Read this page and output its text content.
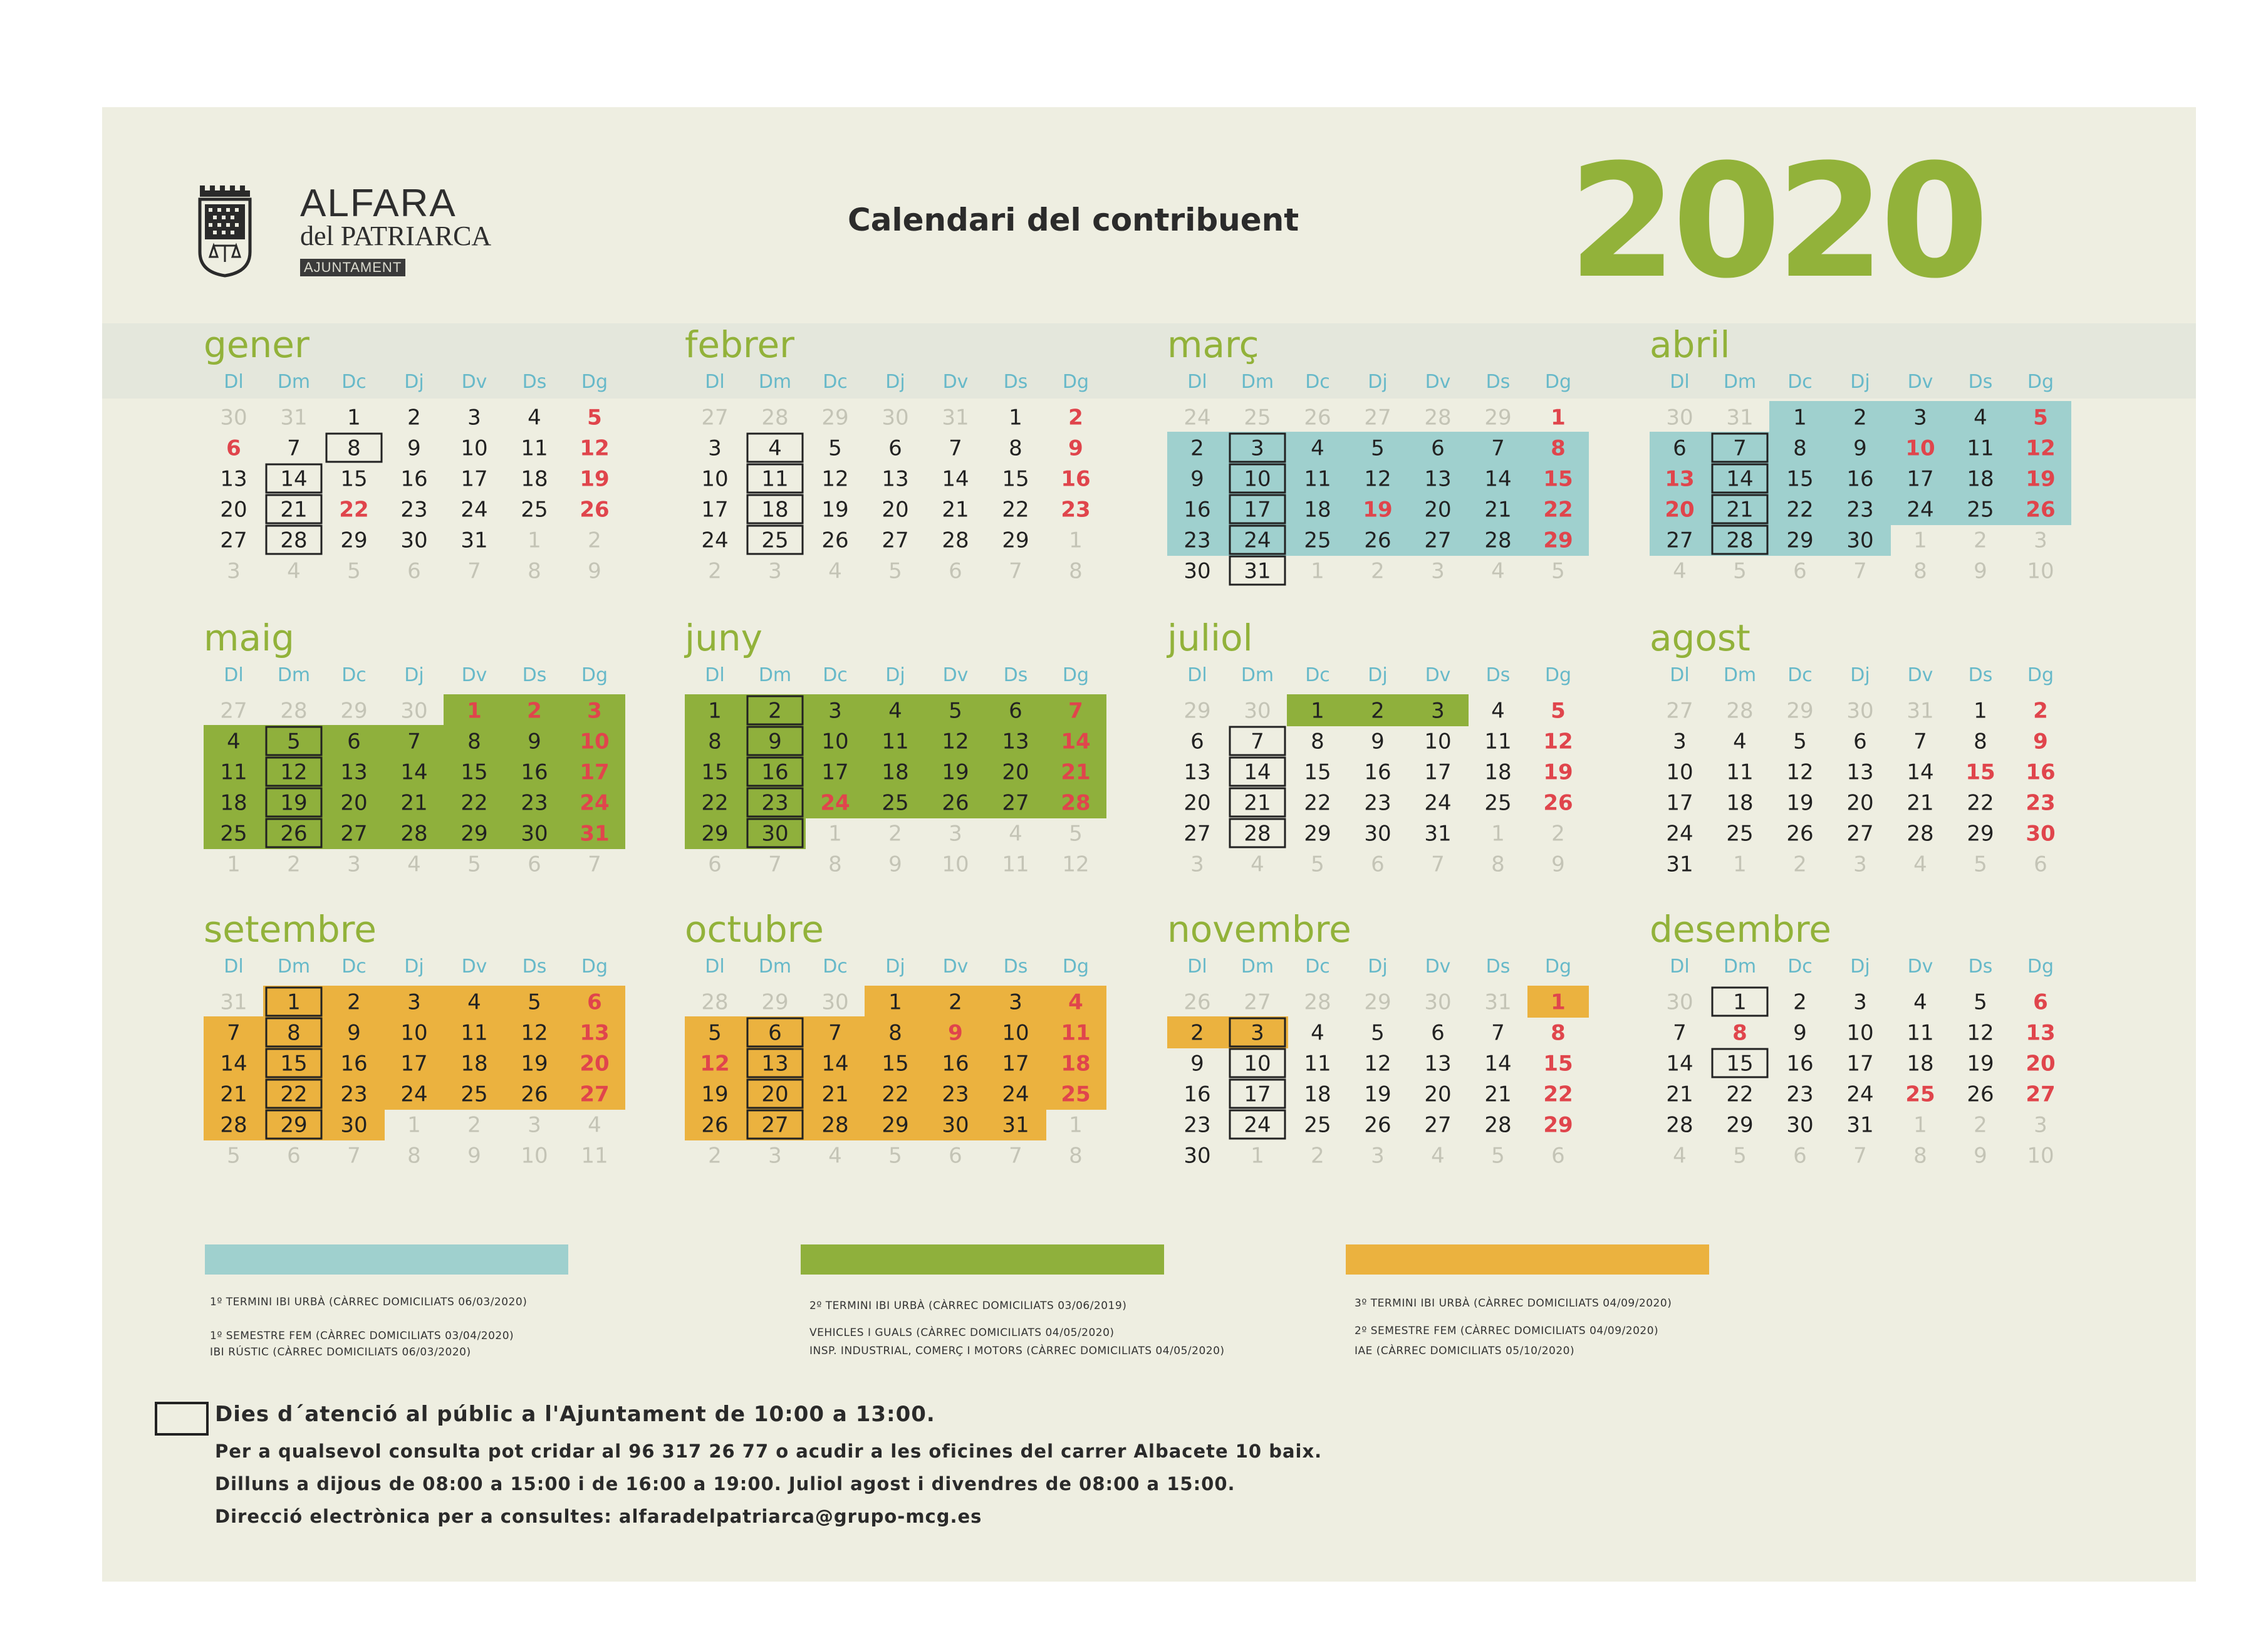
ALFARA
del PATRIARCA
AJUNTAMENT
Calendari del contribuent 2020
gener
Dl Dm Dc Dj Dv Ds Dg
30 31 1 2 3 4 5
6 7 8 9 10 11 12
13 14 15 16 17 18 19
20 21 22 23 24 25 26
27 28 29 30 31 1 2
3 4 5 6 7 8 9
febrer
Dl Dm Dc Dj Dv Ds Dg
27 28 29 30 31 1 2
3 4 5 6 7 8 9
10 11 12 13 14 15 16
17 18 19 20 21 22 23
24 25 26 27 28 29 1
2 3 4 5 6 7 8
març
Dl Dm Dc Dj Dv Ds Dg
24 25 26 27 28 29 1
2 3 4 5 6 7 8
9 10 11 12 13 14 15
16 17 18 19 20 21 22
23 24 25 26 27 28 29
30 31 1 2 3 4 5
abril
Dl Dm Dc Dj Dv Ds Dg
30 31 1 2 3 4 5
6 7 8 9 10 11 12
13 14 15 16 17 18 19
20 21 22 23 24 25 26
27 28 29 30 1 2 3
4 5 6 7 8 9 10
maig
Dl Dm Dc Dj Dv Ds Dg
27 28 29 30 1 2 3
4 5 6 7 8 9 10
11 12 13 14 15 16 17
18 19 20 21 22 23 24
25 26 27 28 29 30 31
1 2 3 4 5 6 7
juny
Dl Dm Dc Dj Dv Ds Dg
1 2 3 4 5 6 7
8 9 10 11 12 13 14
15 16 17 18 19 20 21
22 23 24 25 26 27 28
29 30 1 2 3 4 5
6 7 8 9 10 11 12
juliol
Dl Dm Dc Dj Dv Ds Dg
29 30 1 2 3 4 5
6 7 8 9 10 11 12
13 14 15 16 17 18 19
20 21 22 23 24 25 26
27 28 29 30 31 1 2
3 4 5 6 7 8 9
agost
Dl Dm Dc Dj Dv Ds Dg
27 28 29 30 31 1 2
3 4 5 6 7 8 9
10 11 12 13 14 15 16
17 18 19 20 21 22 23
24 25 26 27 28 29 30
31 1 2 3 4 5 6
setembre
Dl Dm Dc Dj Dv Ds Dg
31 1 2 3 4 5 6
7 8 9 10 11 12 13
14 15 16 17 18 19 20
21 22 23 24 25 26 27
28 29 30 1 2 3 4
5 6 7 8 9 10 11
octubre
Dl Dm Dc Dj Dv Ds Dg
28 29 30 1 2 3 4
5 6 7 8 9 10 11
12 13 14 15 16 17 18
19 20 21 22 23 24 25
26 27 28 29 30 31 1
2 3 4 5 6 7 8
novembre
Dl Dm Dc Dj Dv Ds Dg
26 27 28 29 30 31 1
2 3 4 5 6 7 8
9 10 11 12 13 14 15
16 17 18 19 20 21 22
23 24 25 26 27 28 29
30 1 2 3 4 5 6
desembre
Dl Dm Dc Dj Dv Ds Dg
30 1 2 3 4 5 6
7 8 9 10 11 12 13
14 15 16 17 18 19 20
21 22 23 24 25 26 27
28 29 30 31 1 2 3
4 5 6 7 8 9 10
1º TERMINI IBI URBÀ (CÀRREC DOMICILIATS 06/03/2020)
1º SEMESTRE FEM (CÀRREC DOMICILIATS 03/04/2020)
IBI RÚSTIC (CÀRREC DOMICILIATS 06/03/2020)
2º TERMINI IBI URBÀ (CÀRREC DOMICILIATS 03/06/2019)
VEHICLES I GUALS (CÀRREC DOMICILIATS 04/05/2020)
INSP. INDUSTRIAL, COMERÇ I MOTORS (CÀRREC DOMICILIATS 04/05/2020)
3º TERMINI IBI URBÀ (CÀRREC DOMICILIATS 04/09/2020)
2º SEMESTRE FEM (CÀRREC DOMICILIATS 04/09/2020)
IAE (CÀRREC DOMICILIATS 05/10/2020)
Dies d´atenció al públic a l'Ajuntament de 10:00 a 13:00.
Per a qualsevol consulta pot cridar al 96 317 26 77 o acudir a les oficines del carrer Albacete 10 baix.
Dilluns a dijous de 08:00 a 15:00 i de 16:00 a 19:00. Juliol agost i divendres de 08:00 a 15:00.
Direcció electrònica per a consultes: alfaradelpatriarca@grupo-mcg.es
